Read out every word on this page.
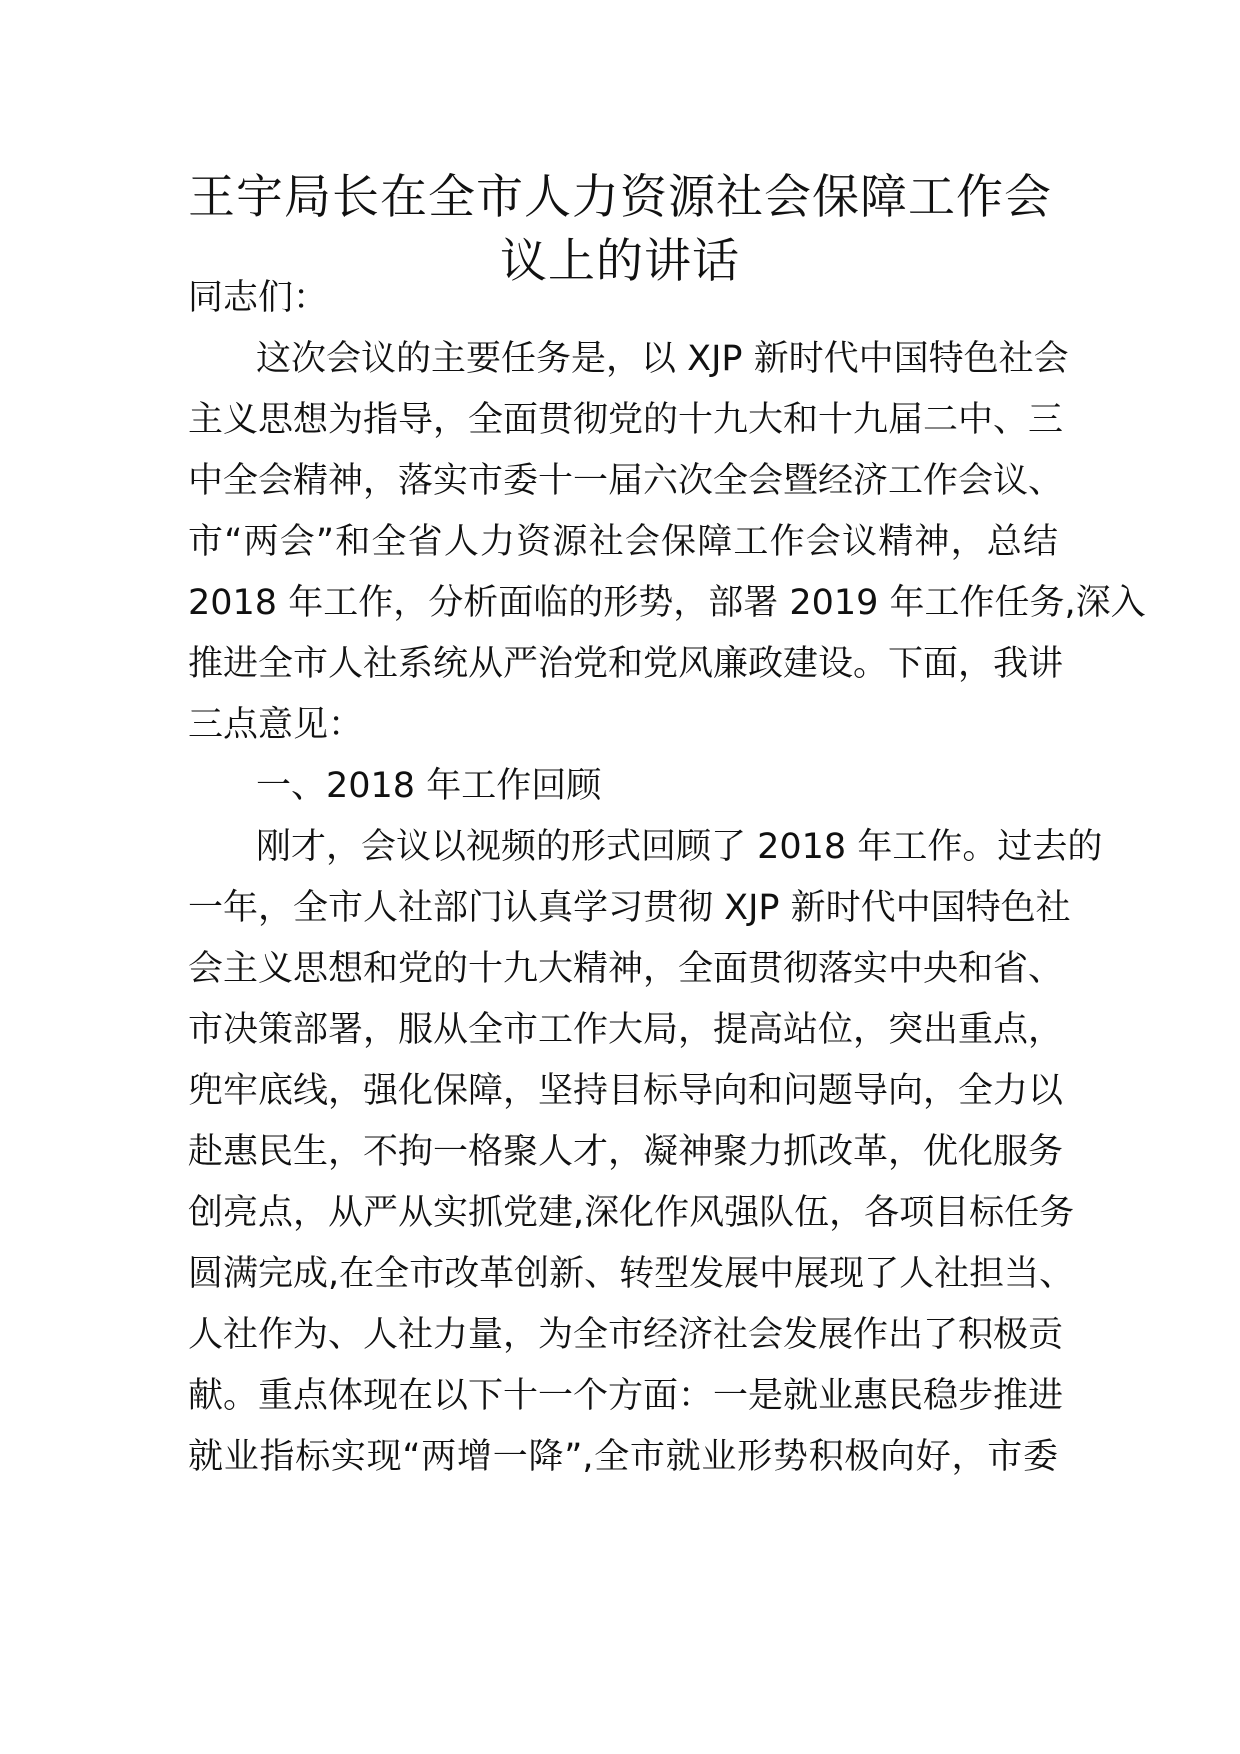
王宇局长在全市人力资源社会保障工作会
议上的讲话
同志们：
这次会议的主要任务是，以 XJP 新时代中国特色社会
主义思想为指导，全面贯彻党的十九大和十九届二中、三
中全会精神，落实市委十一届六次全会暨经济工作会议、
市“两会”和全省人力资源社会保障工作会议精神，总结
2018 年工作，分析面临的形势，部署 2019 年工作任务,深入
推进全市人社系统从严治党和党风廉政建设。下面，我讲
三点意见：
一、2018 年工作回顾
刚才，会议以视频的形式回顾了 2018 年工作。过去的
一年，全市人社部门认真学习贯彻 XJP 新时代中国特色社
会主义思想和党的十九大精神，全面贯彻落实中央和省、
市决策部署，服从全市工作大局，提高站位，突出重点，
兜牢底线，强化保障，坚持目标导向和问题导向，全力以
赴惠民生，不拘一格聚人才，凝神聚力抓改革，优化服务
创亮点，从严从实抓党建,深化作风强队伍，各项目标任务
圆满完成,在全市改革创新、转型发展中展现了人社担当、
人社作为、人社力量，为全市经济社会发展作出了积极贡
献。重点体现在以下十一个方面：一是就业惠民稳步推进
就业指标实现“两增一降”,全市就业形势积极向好，市委
